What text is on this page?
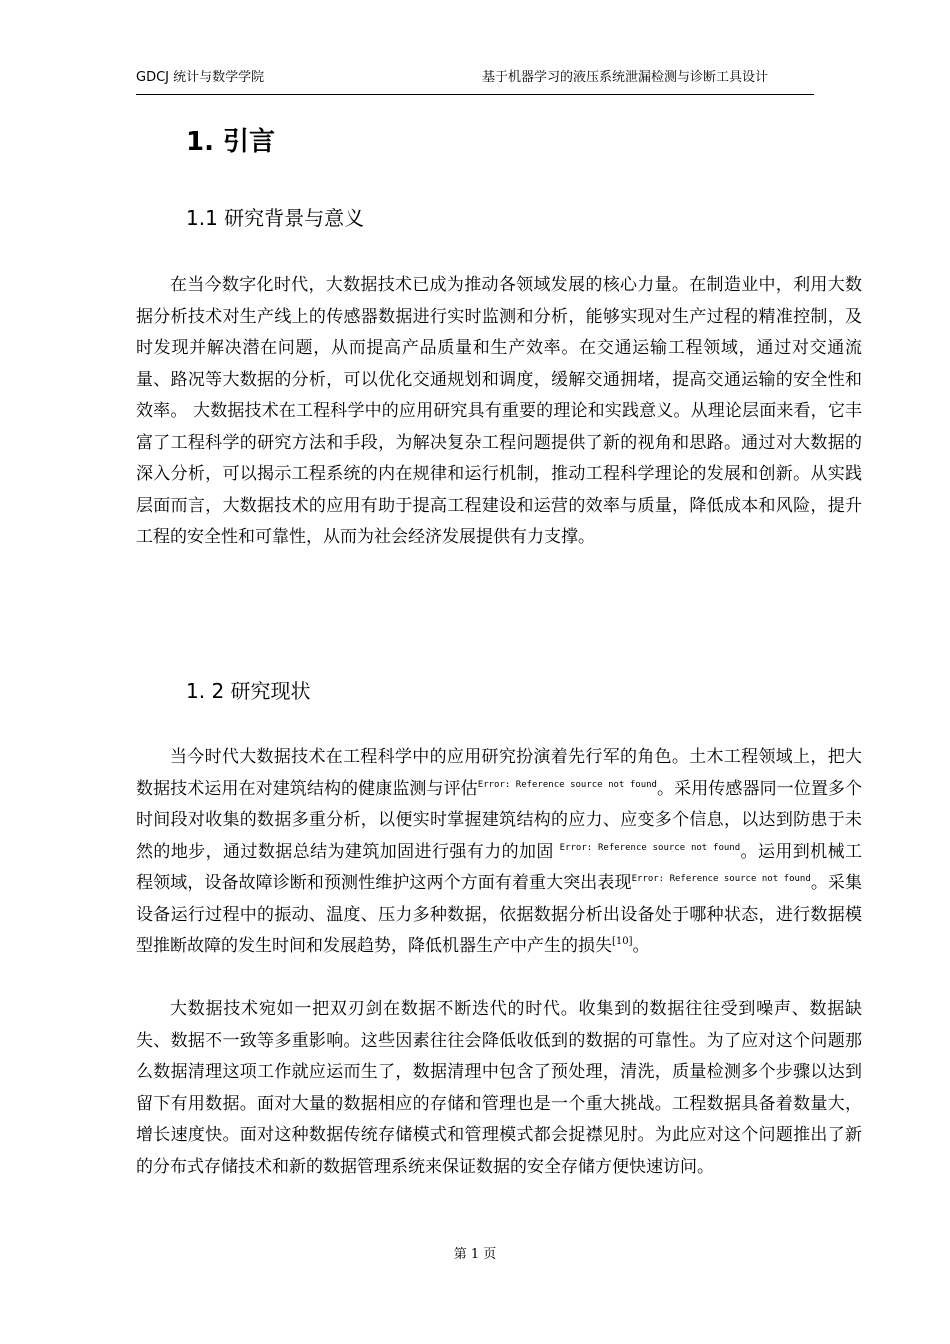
GDCJ 统计与数学学院	基于机器学习的液压系统泄漏检测与诊断工具设计
1. 引言
1.1 研究背景与意义

在当今数字化时代，大数据技术已成为推动各领域发展的核心力量。在制造业中，利用大数据分析技术对生产线上的传感器数据进行实时监测和分析，能够实现对生产过程的精准控制，及时发现并解决潜在问题，从而提高产品质量和生产效率。在交通运输工程领域，通过对交通流量、路况等大数据的分析，可以优化交通规划和调度，缓解交通拥堵，提高交通运输的安全性和效率。 大数据技术在工程科学中的应用研究具有重要的理论和实践意义。从理论层面来看，它丰富了工程科学的研究方法和手段，为解决复杂工程问题提供了新的视角和思路。通过对大数据的深入分析，可以揭示工程系统的内在规律和运行机制，推动工程科学理论的发展和创新。从实践层面而言，大数据技术的应用有助于提高工程建设和运营的效率与质量，降低成本和风险，提升工程的安全性和可靠性，从而为社会经济发展提供有力支撑。

1. 2 研究现状

当今时代大数据技术在工程科学中的应用研究扮演着先行军的角色。土木工程领域上，把大数据技术运用在对建筑结构的健康监测与评估$^{Error: Reference source not found}$。采用传感器同一位置多个时间段对收集的数据多重分析，以便实时掌握建筑结构的应力、应变多个信息，以达到防患于未然的地步，通过数据总结为建筑加固进行强有力的加固 $^{Error: Reference source not found}$。运用到机械工程领域，设备故障诊断和预测性维护这两个方面有着重大突出表现$^{Error: Reference source not found}$。采集设备运行过程中的振动、温度、压力多种数据，依据数据分析出设备处于哪种状态，进行数据模型推断故障的发生时间和发展趋势，降低机器生产中产生的损失[10]。

大数据技术宛如一把双刃剑在数据不断迭代的时代。收集到的数据往往受到噪声、数据缺失、数据不一致等多重影响。这些因素往往会降低收低到的数据的可靠性。为了应对这个问题那么数据清理这项工作就应运而生了，数据清理中包含了预处理，清洗，质量检测多个步骤以达到留下有用数据。面对大量的数据相应的存储和管理也是一个重大挑战。工程数据具备着数量大，增长速度快。面对这种数据传统存储模式和管理模式都会捉襟见肘。为此应对这个问题推出了新的分布式存储技术和新的数据管理系统来保证数据的安全存储方便快速访问。

第 1 页
